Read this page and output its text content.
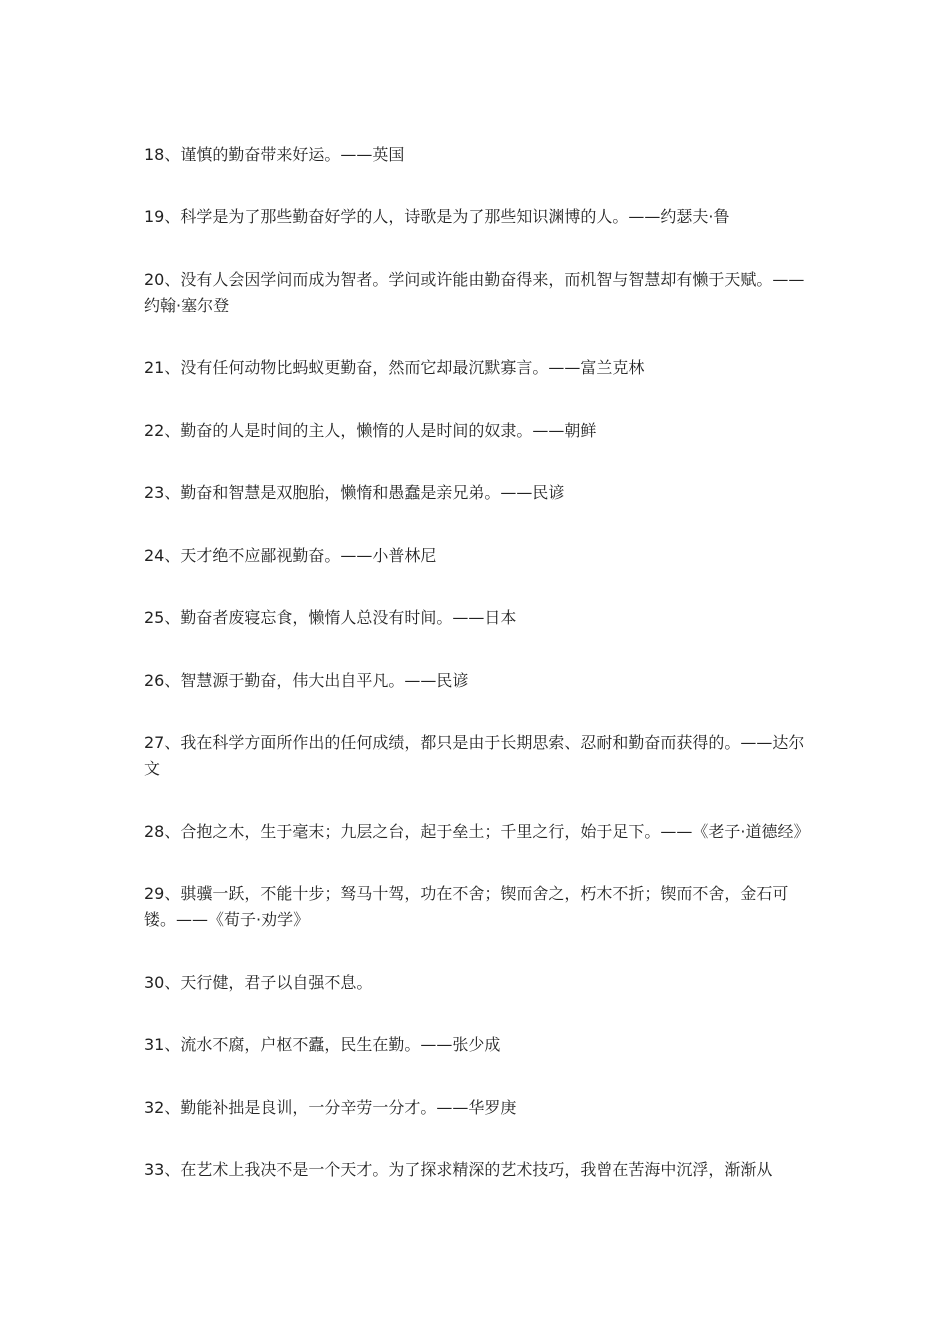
18、谨慎的勤奋带来好运。——英国

19、科学是为了那些勤奋好学的人，诗歌是为了那些知识渊博的人。——约瑟夫·鲁

20、没有人会因学问而成为智者。学问或许能由勤奋得来，而机智与智慧却有懒于天赋。——约翰·塞尔登

21、没有任何动物比蚂蚁更勤奋，然而它却最沉默寡言。——富兰克林

22、勤奋的人是时间的主人，懒惰的人是时间的奴隶。——朝鲜

23、勤奋和智慧是双胞胎，懒惰和愚蠢是亲兄弟。——民谚

24、天才绝不应鄙视勤奋。——小普林尼

25、勤奋者废寝忘食，懒惰人总没有时间。——日本

26、智慧源于勤奋，伟大出自平凡。——民谚

27、我在科学方面所作出的任何成绩，都只是由于长期思索、忍耐和勤奋而获得的。——达尔文

28、合抱之木，生于毫末；九层之台，起于垒土；千里之行，始于足下。——《老子·道德经》

29、骐骥一跃，不能十步；驽马十驾，功在不舍；锲而舍之，朽木不折；锲而不舍，金石可镂。——《荀子·劝学》

30、天行健，君子以自强不息。

31、流水不腐，户枢不蠹，民生在勤。——张少成

32、勤能补拙是良训，一分辛劳一分才。——华罗庚

33、在艺术上我决不是一个天才。为了探求精深的艺术技巧，我曾在苦海中沉浮，渐渐从
